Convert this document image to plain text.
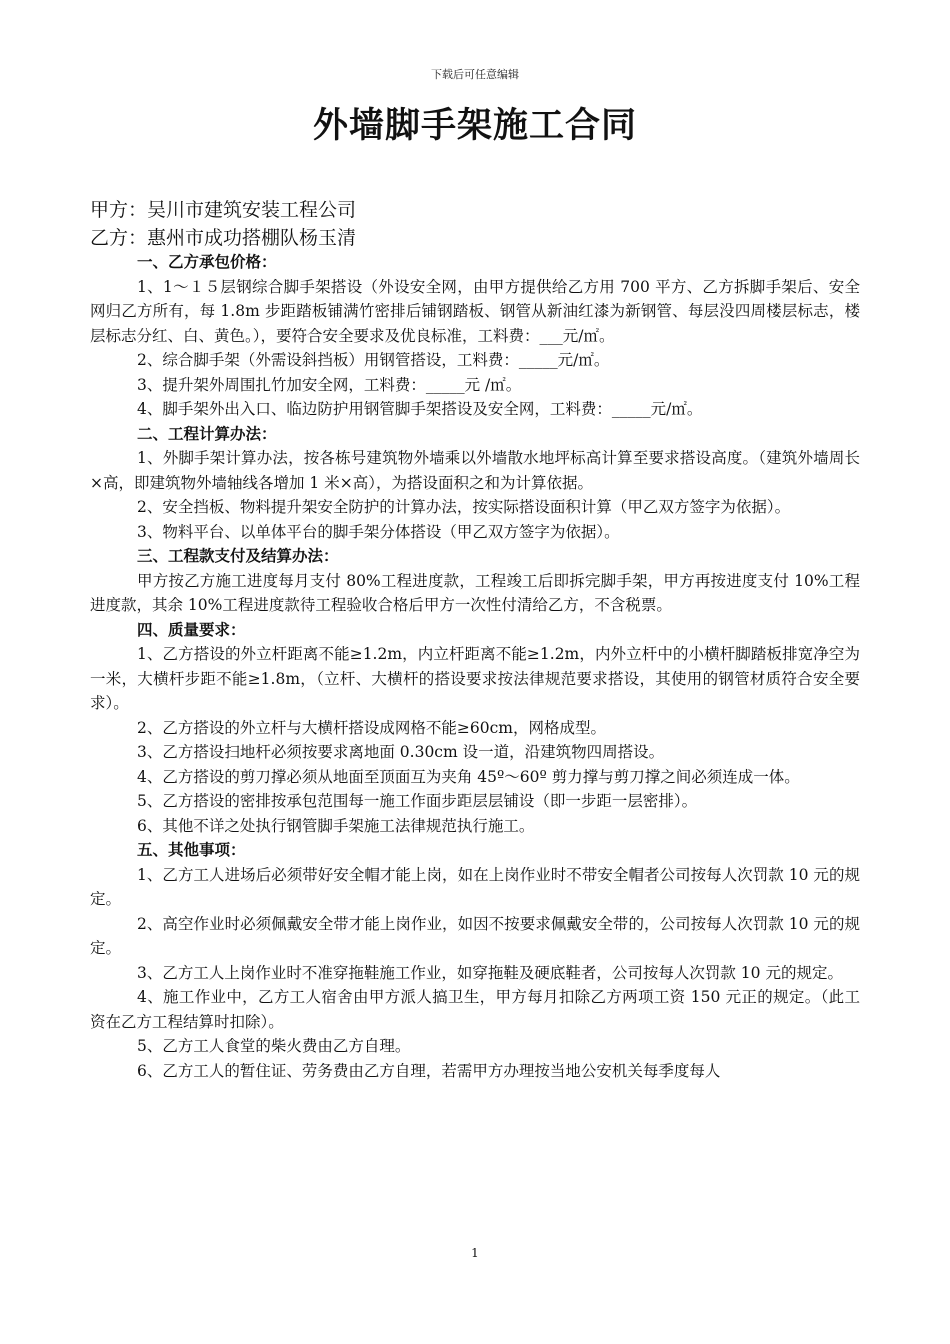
下载后可任意编辑
外墙脚手架施工合同
甲方：吴川市建筑安装工程公司
乙方：惠州市成功搭棚队杨玉清
一、乙方承包价格：

1、1～１５层钢综合脚手架搭设（外设安全网，由甲方提供给乙方用 700 平方、乙方拆脚手架后、安全网归乙方所有，每 1.8m 步距踏板铺满竹密排后铺钢踏板、钢管从新油红漆为新钢管、每层没四周楼层标志，楼层标志分红、白、黄色。），要符合安全要求及优良标准，工料费：___元/㎡。

2、综合脚手架（外需设斜挡板）用钢管搭设，工料费：_____元/㎡。

3、提升架外周围扎竹加安全网，工料费：_____元 /㎡。

4、脚手架外出入口、临边防护用钢管脚手架搭设及安全网，工料费：_____元/㎡。

二、工程计算办法：

1、外脚手架计算办法，按各栋号建筑物外墙乘以外墙散水地坪标高计算至要求搭设高度。（建筑外墙周长×高，即建筑物外墙轴线各增加 1 米×高），为搭设面积之和为计算依据。

2、安全挡板、物料提升架安全防护的计算办法，按实际搭设面积计算（甲乙双方签字为依据）。

3、物料平台、以单体平台的脚手架分体搭设（甲乙双方签字为依据）。

三、工程款支付及结算办法：

甲方按乙方施工进度每月支付 80%工程进度款，工程竣工后即拆完脚手架，甲方再按进度支付 10%工程进度款，其余 10%工程进度款待工程验收合格后甲方一次性付清给乙方，不含税票。

四、质量要求：

1、乙方搭设的外立杆距离不能≥1.2m，内立杆距离不能≥1.2m，内外立杆中的小横杆脚踏板排宽净空为一米，大横杆步距不能≥1.8m，（立杆、大横杆的搭设要求按法律规范要求搭设，其使用的钢管材质符合安全要求）。

2、乙方搭设的外立杆与大横杆搭设成网格不能≥60cm，网格成型。

3、乙方搭设扫地杆必须按要求离地面 0.30cm 设一道，沿建筑物四周搭设。

4、乙方搭设的剪刀撑必须从地面至顶面互为夹角 45º～60º 剪力撑与剪刀撑之间必须连成一体。

5、乙方搭设的密排按承包范围每一施工作面步距层层铺设（即一步距一层密排）。

6、其他不详之处执行钢管脚手架施工法律规范执行施工。

五、其他事项：

1、乙方工人进场后必须带好安全帽才能上岗，如在上岗作业时不带安全帽者公司按每人次罚款 10 元的规定。

2、高空作业时必须佩戴安全带才能上岗作业，如因不按要求佩戴安全带的，公司按每人次罚款 10 元的规定。

3、乙方工人上岗作业时不准穿拖鞋施工作业，如穿拖鞋及硬底鞋者，公司按每人次罚款 10 元的规定。

4、施工作业中，乙方工人宿舍由甲方派人搞卫生，甲方每月扣除乙方两项工资 150 元正的规定。（此工资在乙方工程结算时扣除）。

5、乙方工人食堂的柴火费由乙方自理。

6、乙方工人的暂住证、劳务费由乙方自理，若需甲方办理按当地公安机关每季度每人

1
